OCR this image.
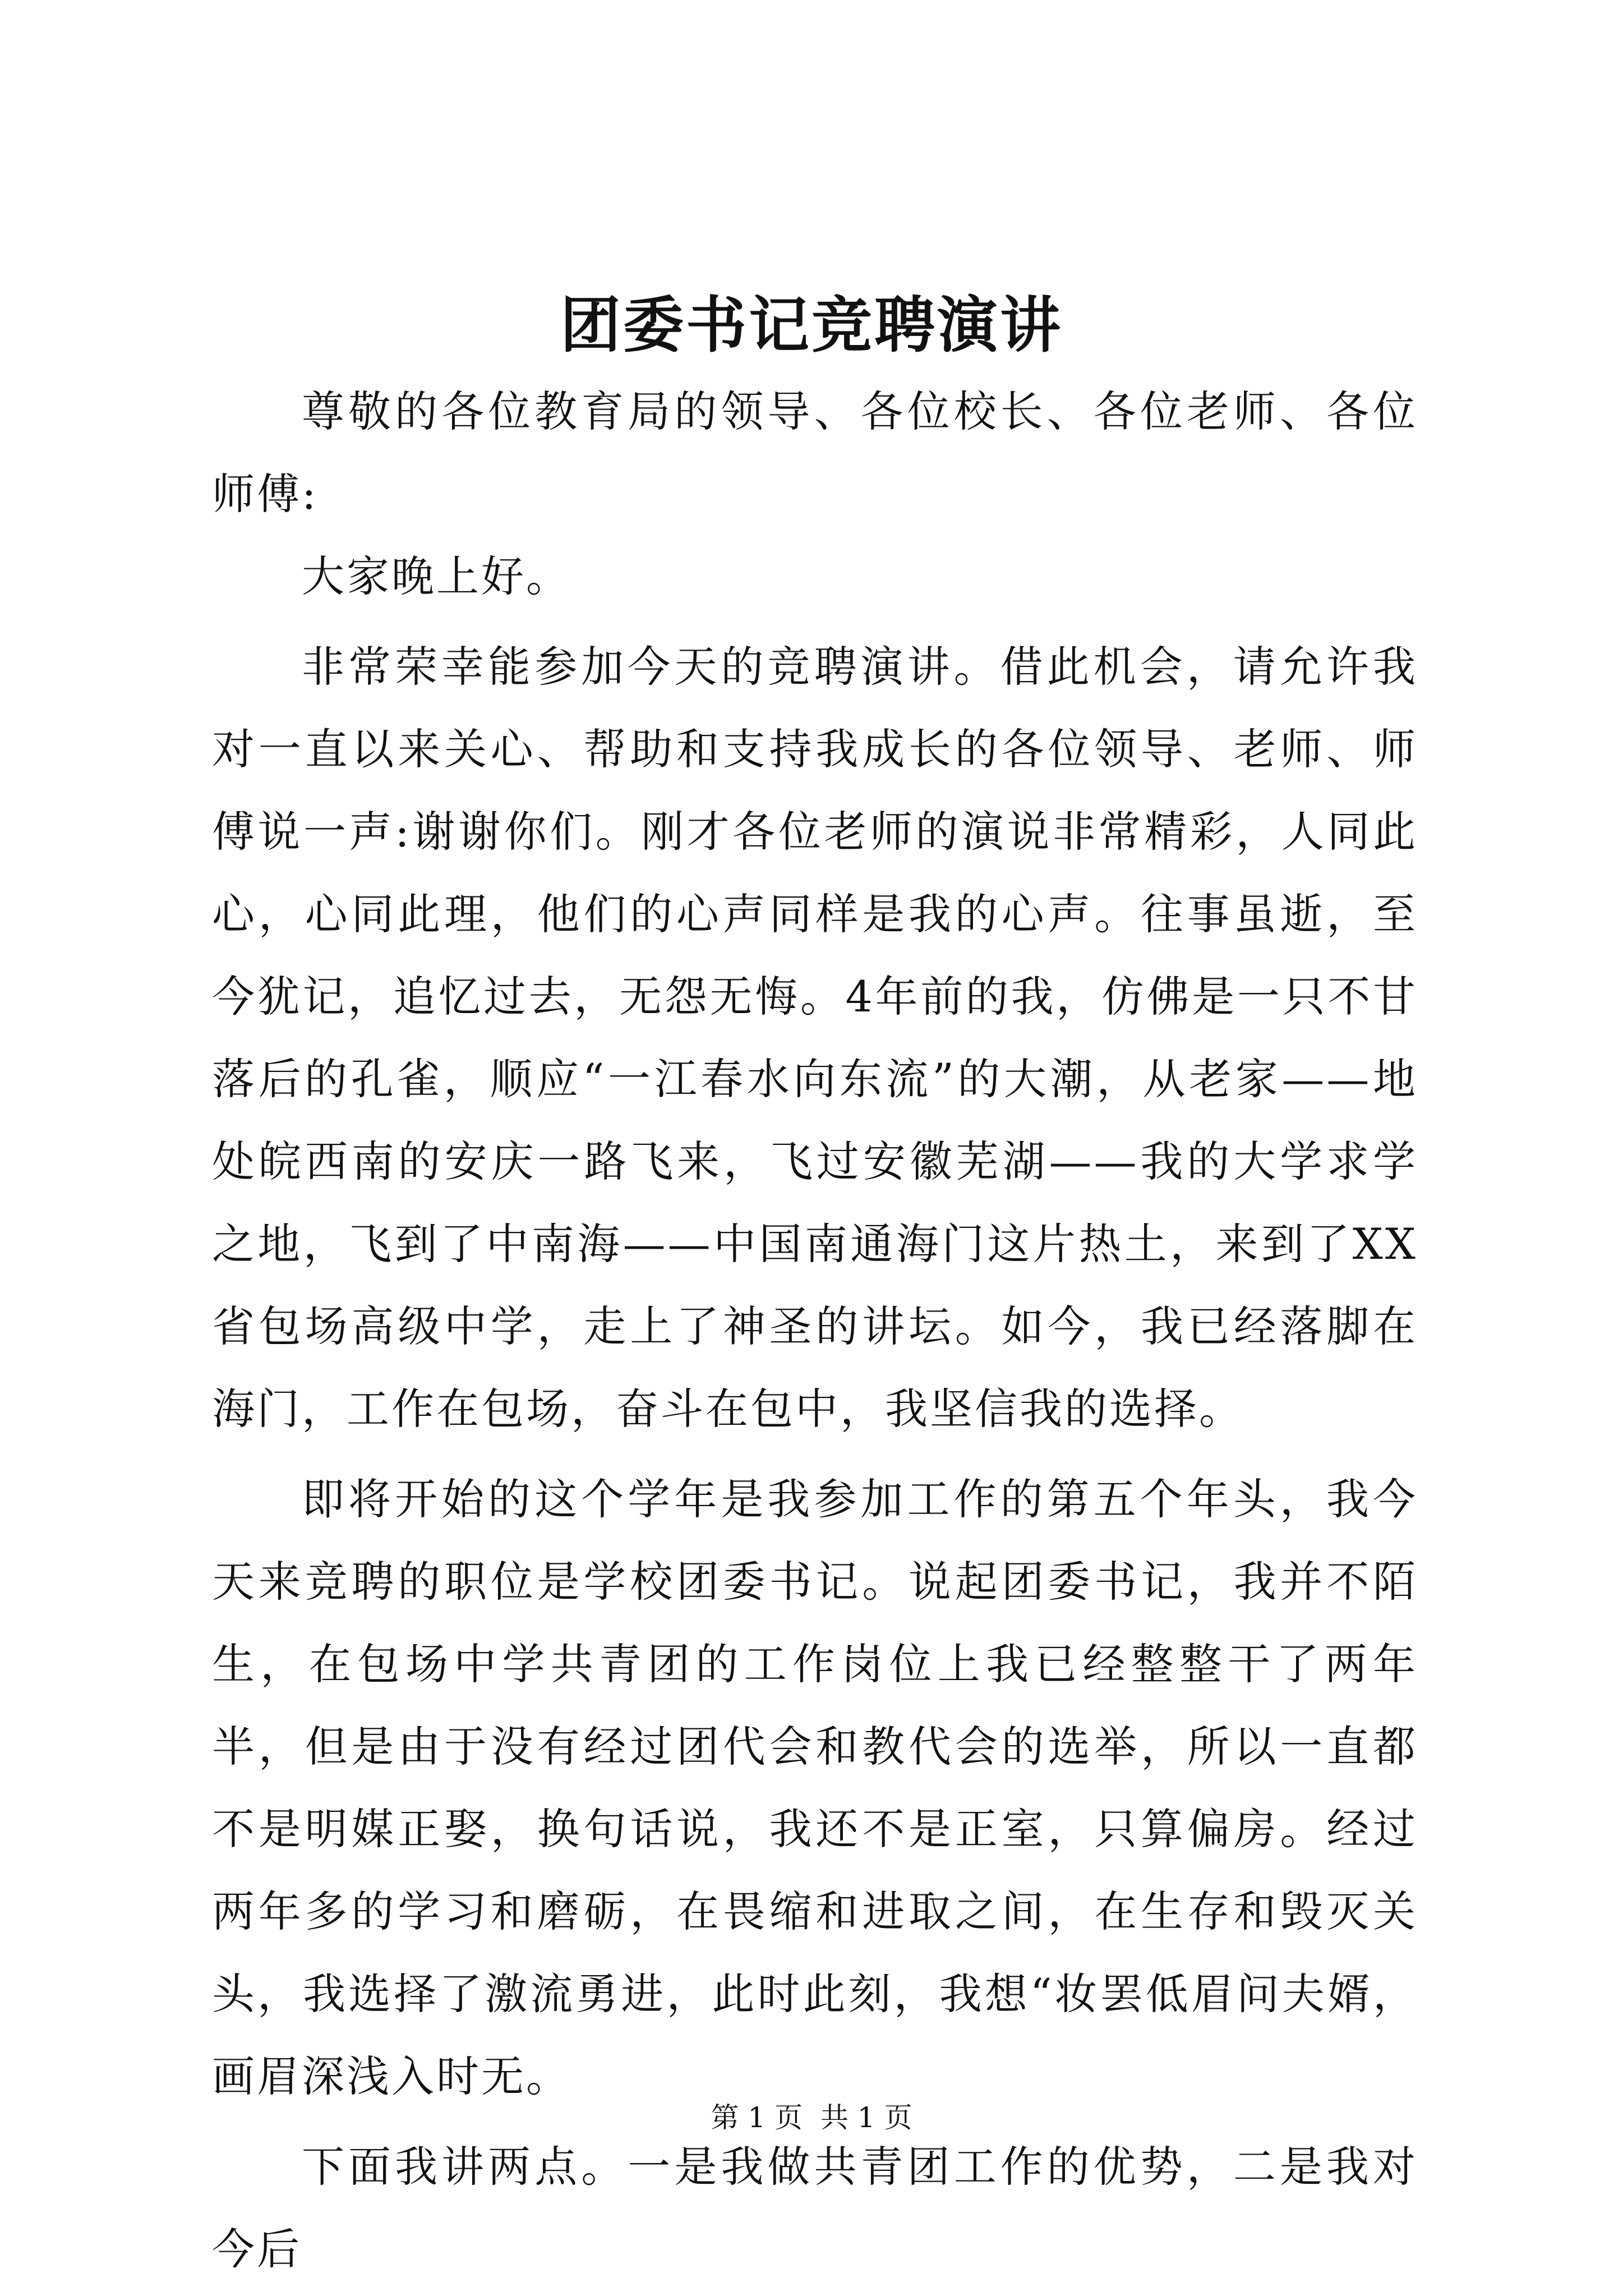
团委书记竞聘演讲

尊敬的各位教育局的领导、各位校长、各位老师、各位师傅:

大家晚上好。

非常荣幸能参加今天的竞聘演讲。借此机会，请允许我对一直以来关心、帮助和支持我成长的各位领导、老师、师傅说一声:谢谢你们。刚才各位老师的演说非常精彩，人同此心，心同此理，他们的心声同样是我的心声。往事虽逝，至今犹记，追忆过去，无怨无悔。4年前的我，仿佛是一只不甘落后的孔雀，顺应“一江春水向东流”的大潮，从老家——地处皖西南的安庆一路飞来，飞过安徽芜湖——我的大学求学之地，飞到了中南海——中国南通海门这片热土，来到了XX省包场高级中学，走上了神圣的讲坛。如今，我已经落脚在海门，工作在包场，奋斗在包中，我坚信我的选择。

即将开始的这个学年是我参加工作的第五个年头，我今天来竞聘的职位是学校团委书记。说起团委书记，我并不陌生，在包场中学共青团的工作岗位上我已经整整干了两年半，但是由于没有经过团代会和教代会的选举，所以一直都不是明媒正娶，换句话说，我还不是正室，只算偏房。经过两年多的学习和磨砺，在畏缩和进取之间，在生存和毁灭关头，我选择了激流勇进，此时此刻，我想“妆罢低眉问夫婿，画眉深浅入时无。

下面我讲两点。一是我做共青团工作的优势，二是我对今后

第 1 页  共 1 页
